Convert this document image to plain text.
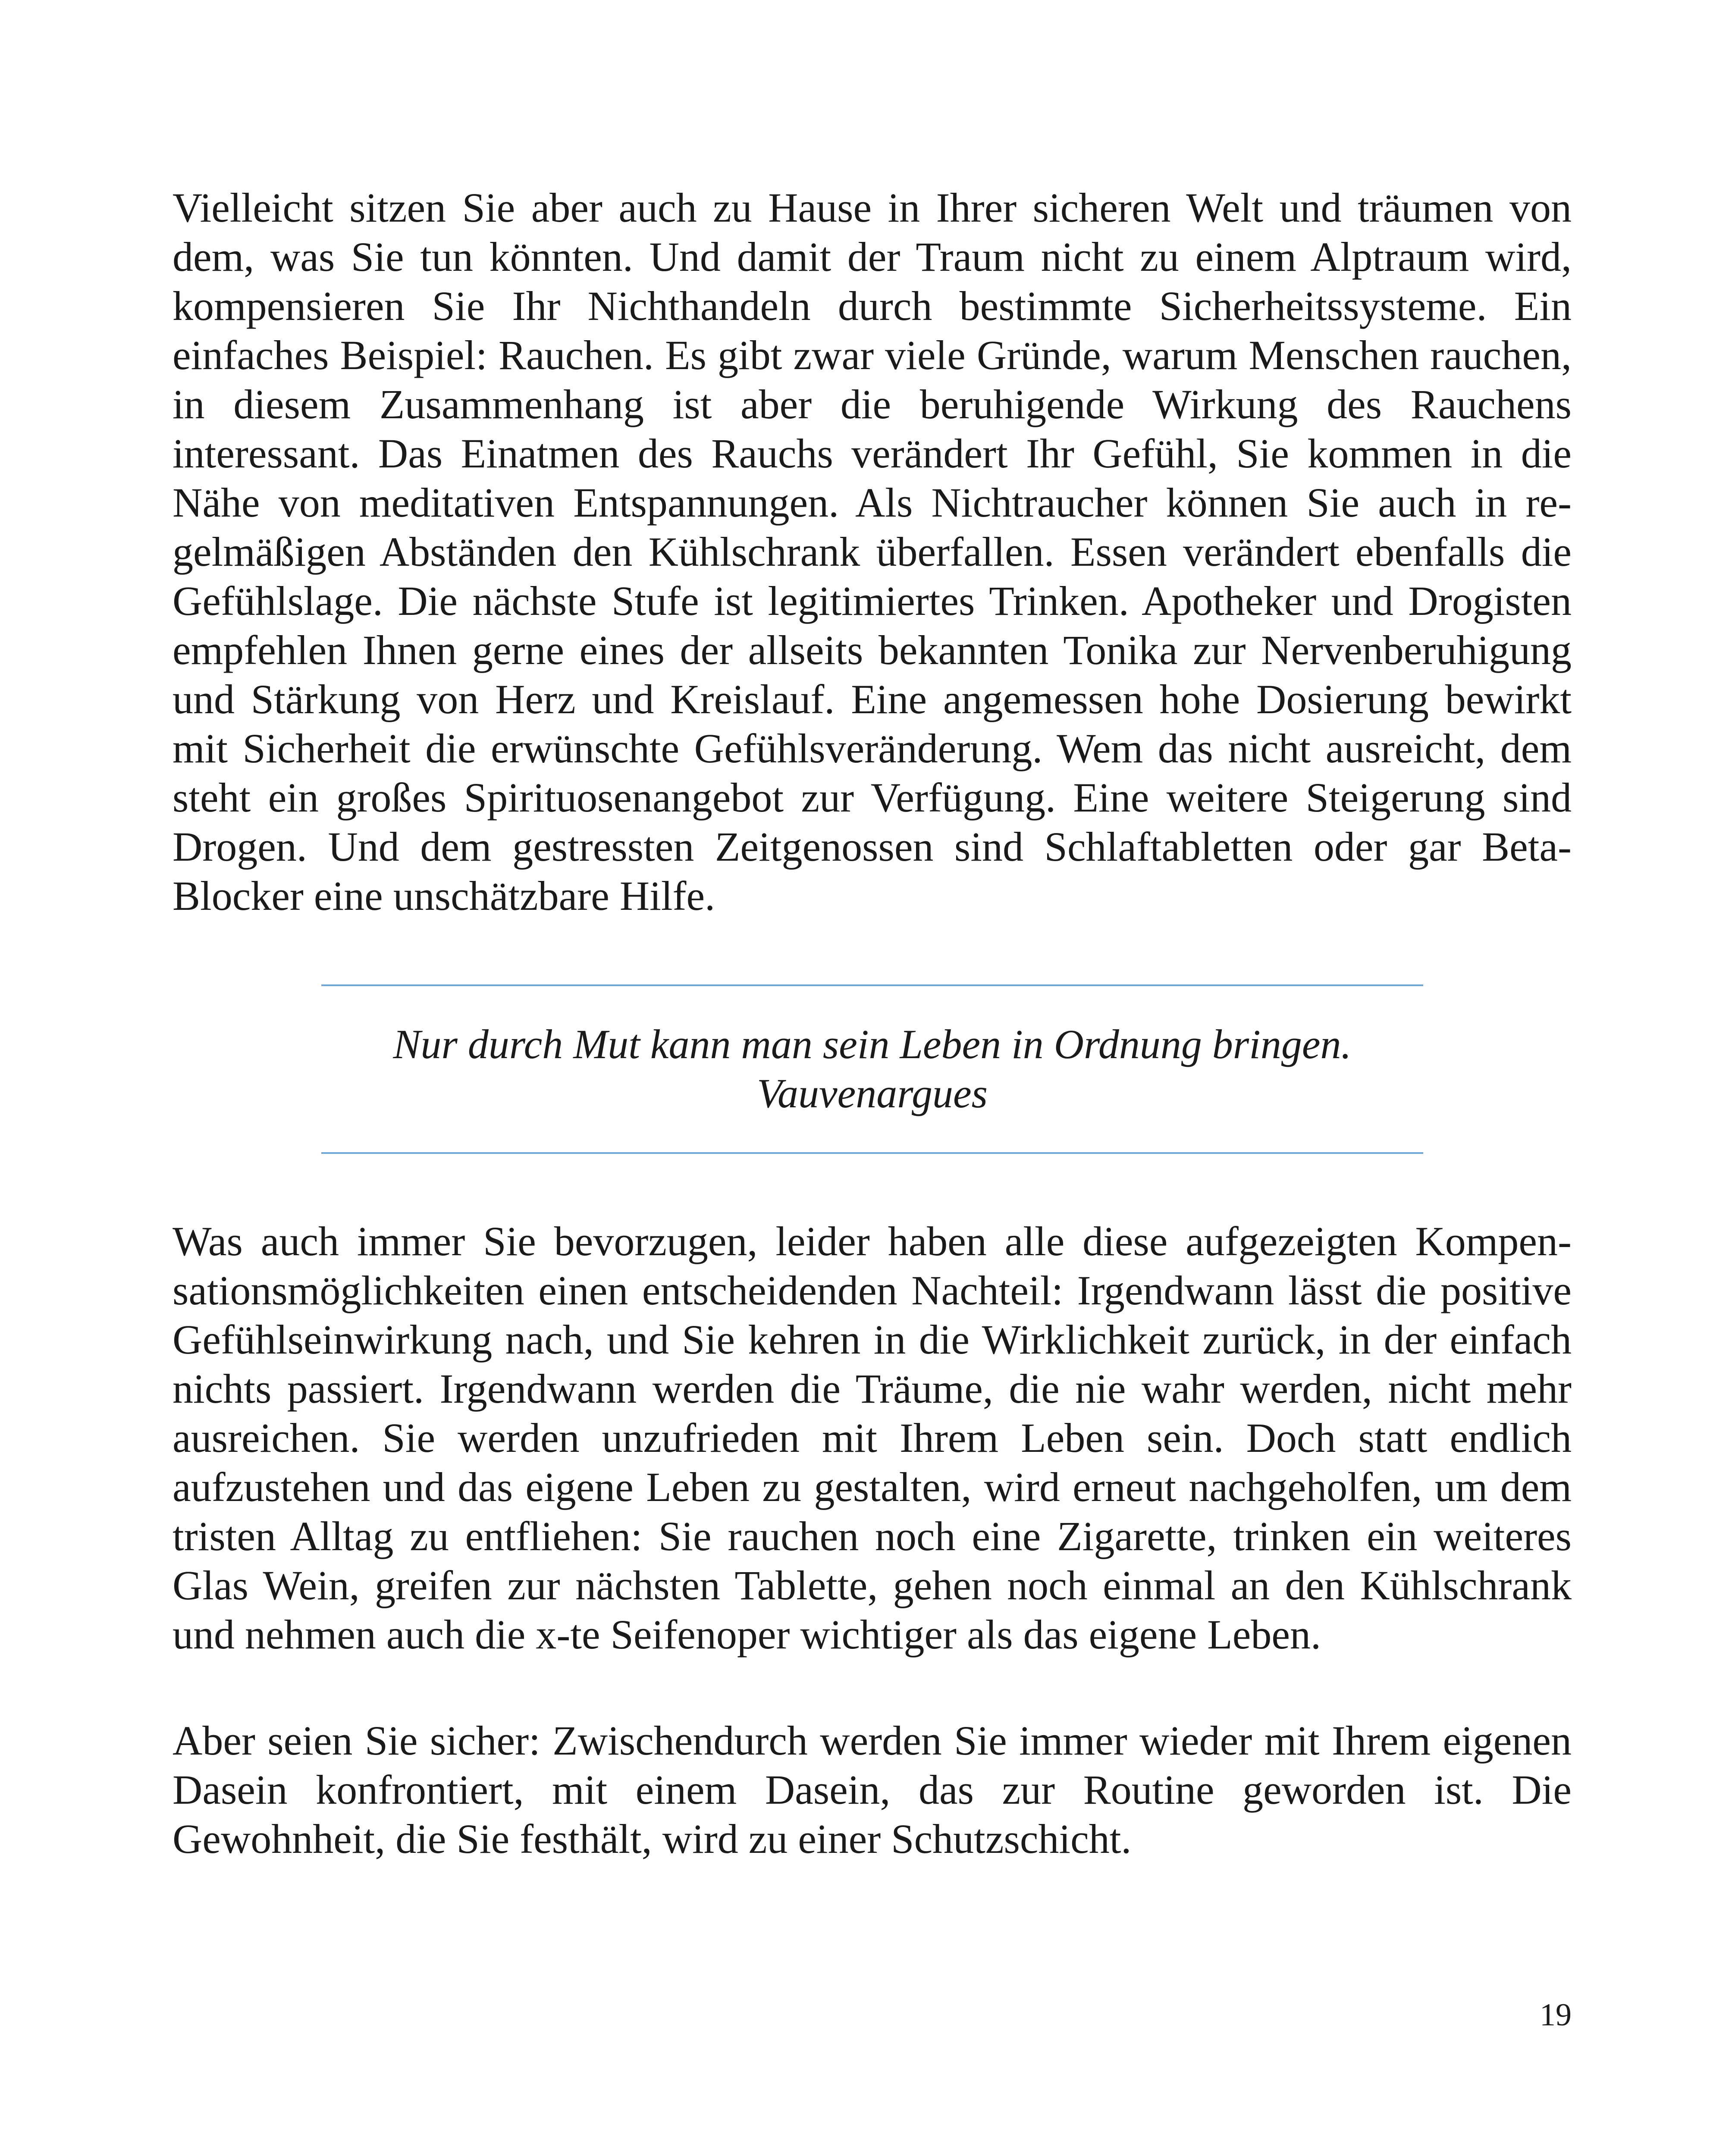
Vielleicht sitzen Sie aber auch zu Hause in Ihrer sicheren Welt und träumen von dem, was Sie tun könnten. Und damit der Traum nicht zu einem Alptraum wird, kompensieren Sie Ihr Nichthandeln durch bestimmte Sicherheitssysteme. Ein einfaches Beispiel: Rauchen. Es gibt zwar viele Gründe, warum Menschen rauchen, in diesem Zusammenhang ist aber die beruhigende Wirkung des Rauchens interessant. Das Einatmen des Rauchs verändert Ihr Gefühl, Sie kommen in die Nähe von meditativen Entspannungen. Als Nichtraucher können Sie auch in regelmäßigen Abständen den Kühlschrank überfallen. Essen verändert ebenfalls die Gefühlslage. Die nächste Stufe ist legitimiertes Trinken. Apotheker und Drogisten empfehlen Ihnen gerne eines der allseits bekannten Tonika zur Nervenberuhigung und Stärkung von Herz und Kreislauf. Eine angemessen hohe Dosierung bewirkt mit Sicherheit die erwünschte Gefühlsveränderung. Wem das nicht ausreicht, dem steht ein großes Spirituosenangebot zur Verfügung. Eine weitere Steigerung sind Drogen. Und dem gestressten Zeitgenossen sind Schlaftabletten oder gar Beta-Blocker eine unschätzbare Hilfe.

Nur durch Mut kann man sein Leben in Ordnung bringen.
Vauvenargues

Was auch immer Sie bevorzugen, leider haben alle diese aufgezeigten Kompensationsmöglichkeiten einen entscheidenden Nachteil: Irgendwann lässt die positive Gefühlseinwirkung nach, und Sie kehren in die Wirklichkeit zurück, in der einfach nichts passiert. Irgendwann werden die Träume, die nie wahr werden, nicht mehr ausreichen. Sie werden unzufrieden mit Ihrem Leben sein. Doch statt endlich aufzustehen und das eigene Leben zu gestalten, wird erneut nachgeholfen, um dem tristen Alltag zu entfliehen: Sie rauchen noch eine Zigarette, trinken ein weiteres Glas Wein, greifen zur nächsten Tablette, gehen noch einmal an den Kühlschrank und nehmen auch die x-te Seifenoper wichtiger als das eigene Leben.

Aber seien Sie sicher: Zwischendurch werden Sie immer wieder mit Ihrem eigenen Dasein konfrontiert, mit einem Dasein, das zur Routine geworden ist. Die Gewohnheit, die Sie festhält, wird zu einer Schutzschicht.

19
